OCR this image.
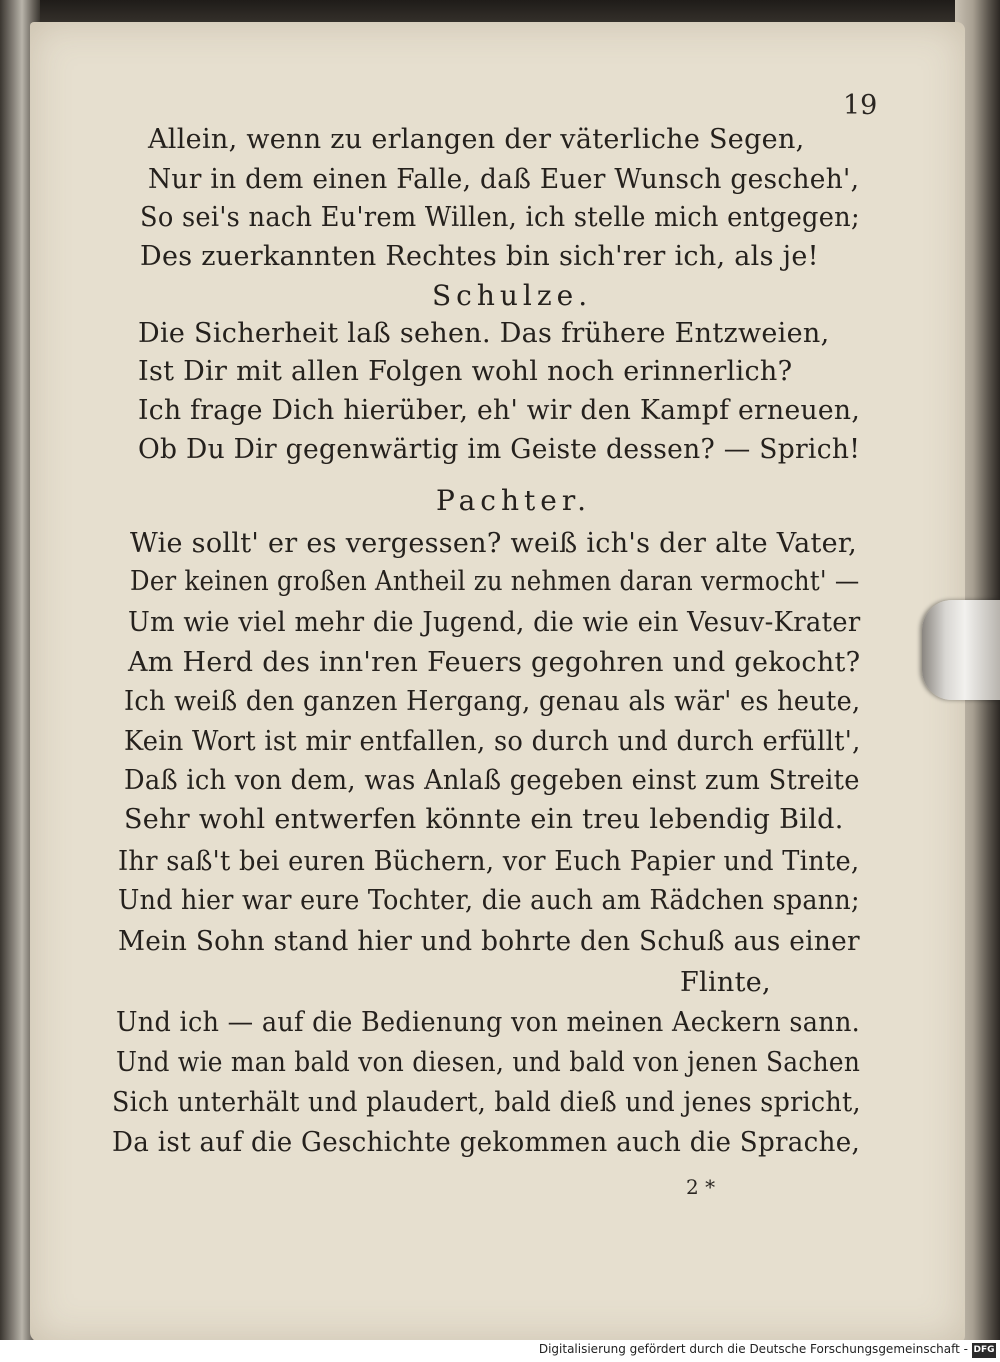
19
Allein, wenn zu erlangen der väterliche Segen,
Nur in dem einen Falle, daß Euer Wunsch gescheh',
So sei's nach Eu'rem Willen, ich stelle mich entgegen;
Des zuerkannten Rechtes bin sich'rer ich, als je!
Schulze.
Die Sicherheit laß sehen. Das frühere Entzweien,
Ist Dir mit allen Folgen wohl noch erinnerlich?
Ich frage Dich hierüber, eh' wir den Kampf erneuen,
Ob Du Dir gegenwärtig im Geiste dessen? — Sprich!
Pachter.
Wie sollt' er es vergessen? weiß ich's der alte Vater,
Der keinen großen Antheil zu nehmen daran vermocht' —
Um wie viel mehr die Jugend, die wie ein Vesuv-Krater
Am Herd des inn'ren Feuers gegohren und gekocht?
Ich weiß den ganzen Hergang, genau als wär' es heute,
Kein Wort ist mir entfallen, so durch und durch erfüllt',
Daß ich von dem, was Anlaß gegeben einst zum Streite
Sehr wohl entwerfen könnte ein treu lebendig Bild.
Ihr saß't bei euren Büchern, vor Euch Papier und Tinte,
Und hier war eure Tochter, die auch am Rädchen spann;
Mein Sohn stand hier und bohrte den Schuß aus einer
Flinte,
Und ich — auf die Bedienung von meinen Aeckern sann.
Und wie man bald von diesen, und bald von jenen Sachen
Sich unterhält und plaudert, bald dieß und jenes spricht,
Da ist auf die Geschichte gekommen auch die Sprache,
2 *
Digitalisierung gefördert durch die Deutsche Forschungsgemeinschaft - DFG
